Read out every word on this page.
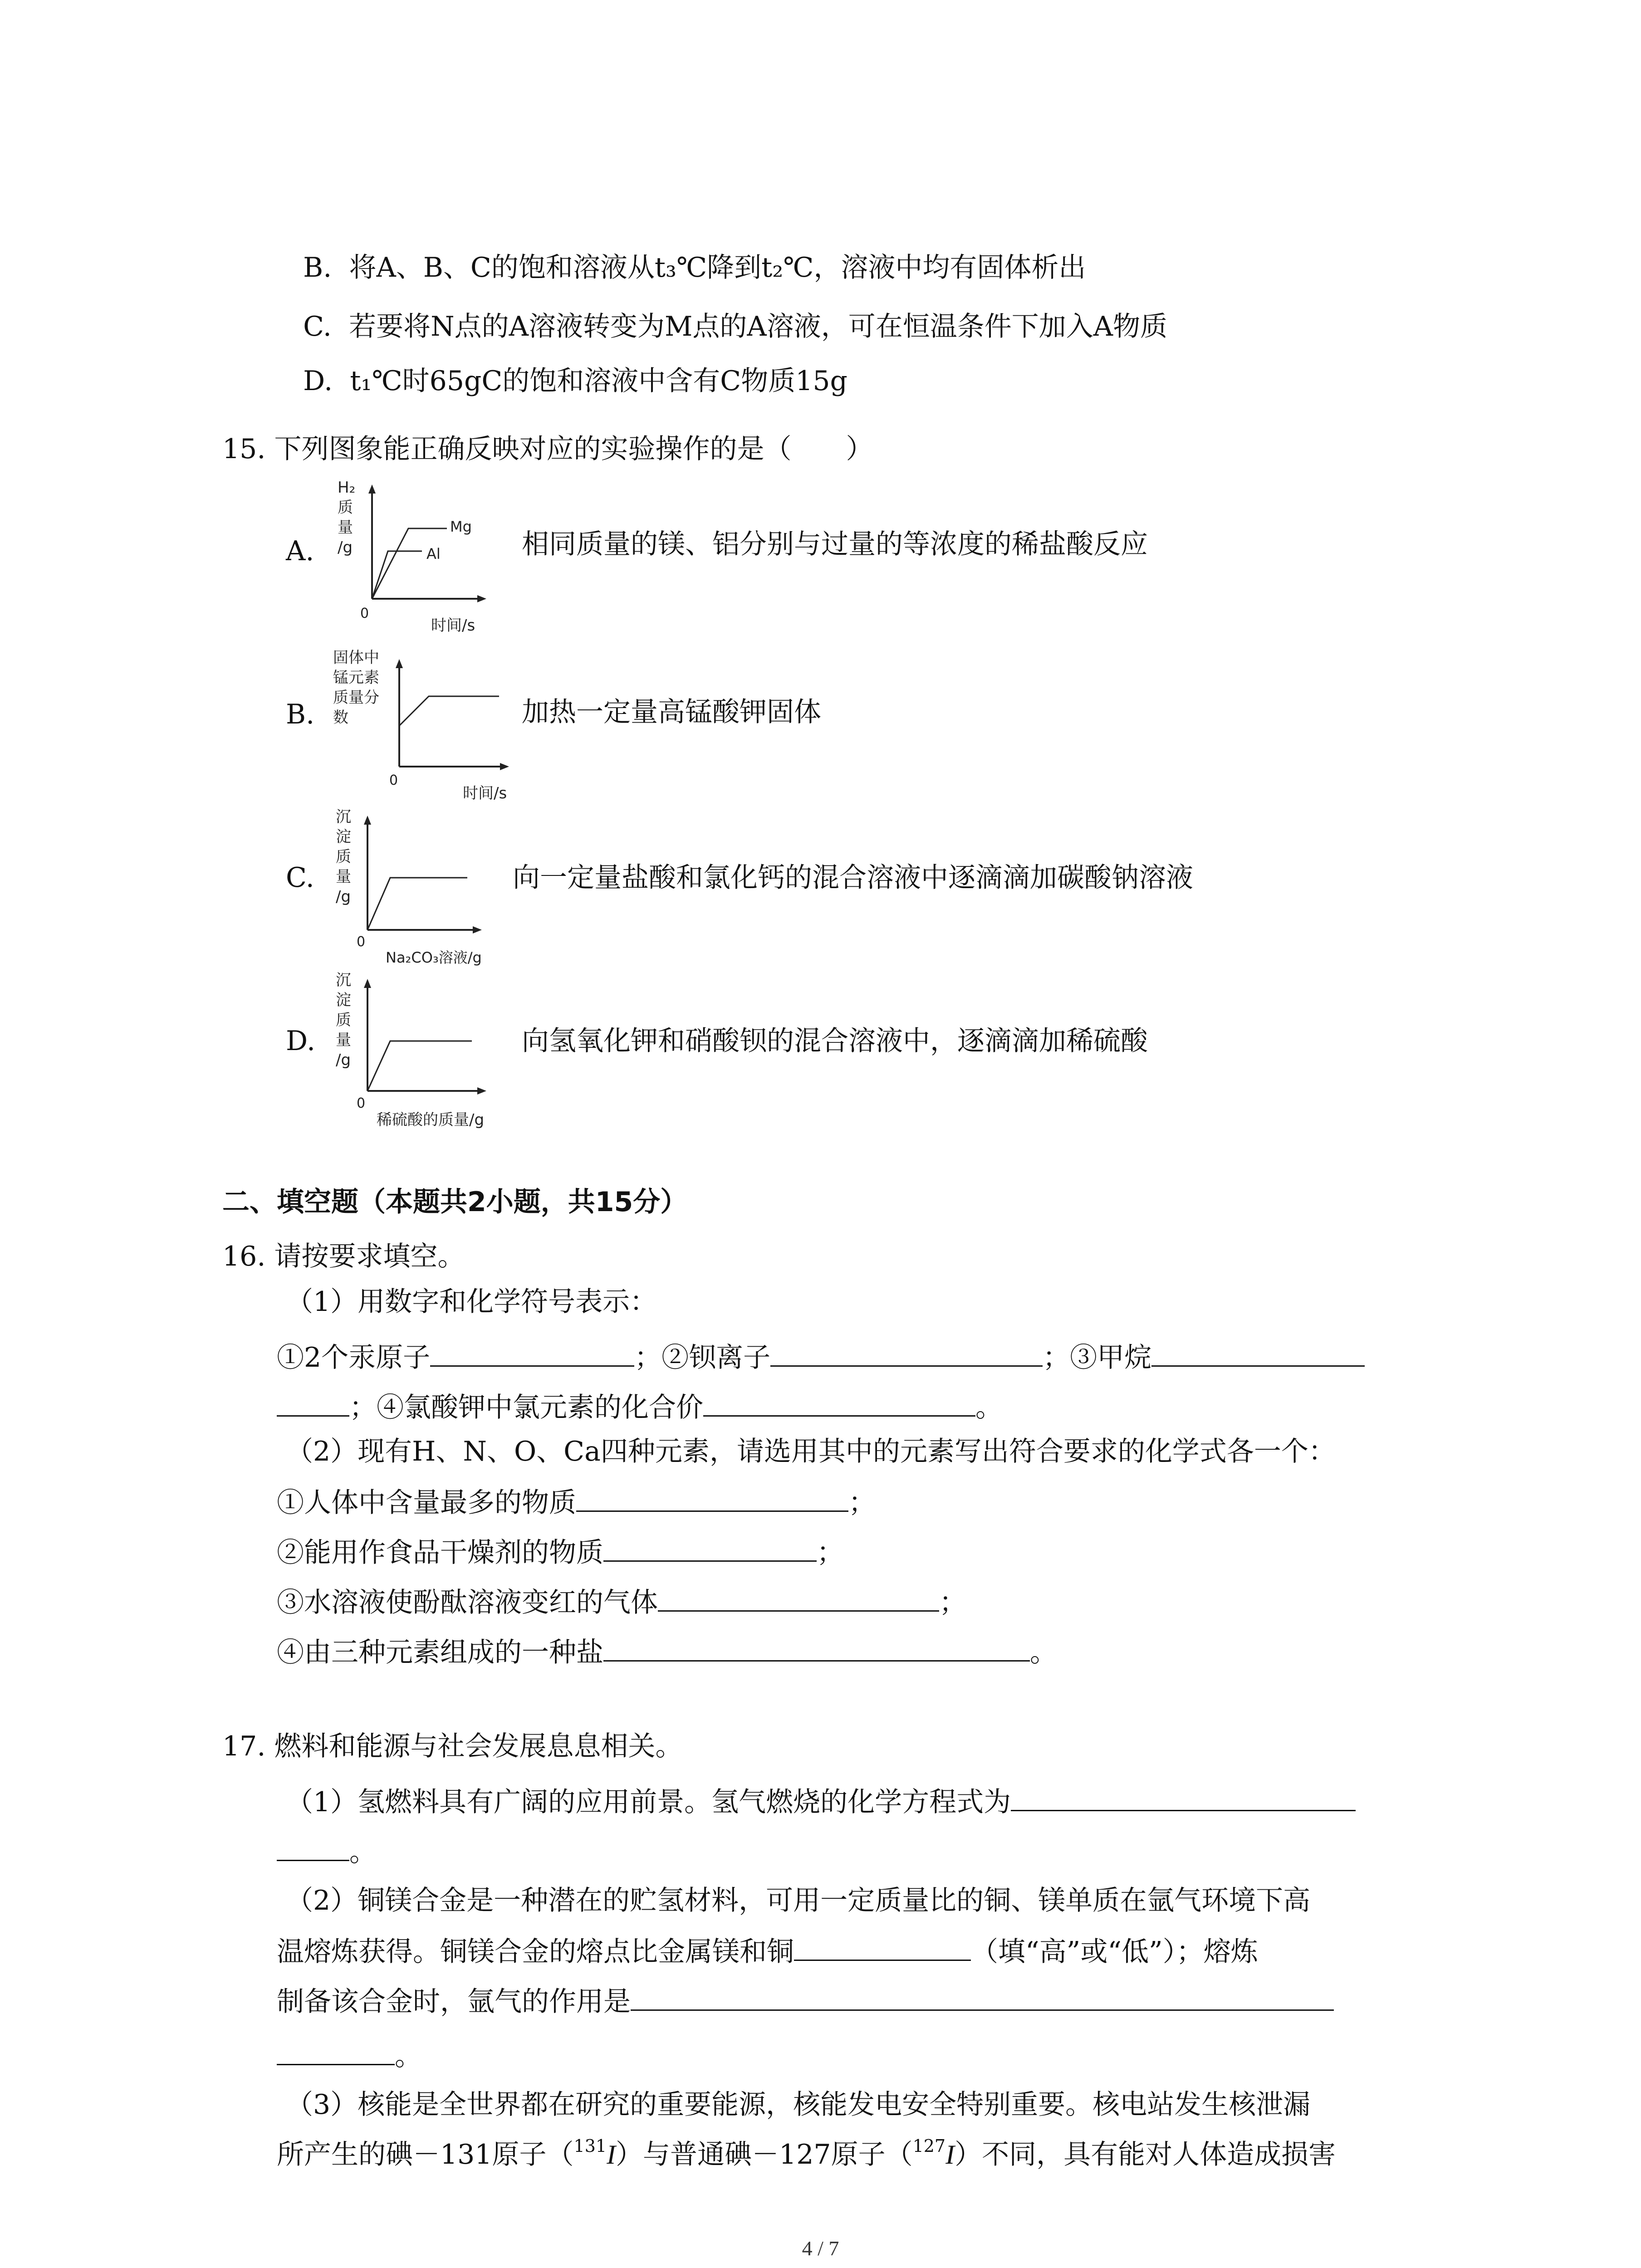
B. 将A、B、C的饱和溶液从t₃℃降到t₂℃，溶液中均有固体析出

C. 若要将N点的A溶液转变为M点的A溶液，可在恒温条件下加入A物质

D. t₁℃时65gC的饱和溶液中含有C物质15g

15. 下列图象能正确反映对应的实验操作的是（　　）
A.
H₂
质
量
/g
Mg
Al
0
时间/s
相同质量的镁、铝分别与过量的等浓度的稀盐酸反应
B.
固体中
锰元素
质量分
数
0
时间/s
加热一定量高锰酸钾固体
C.
沉
淀
质
量
/g
0
Na₂CO₃溶液/g
向一定量盐酸和氯化钙的混合溶液中逐滴滴加碳酸钠溶液
D.
沉
淀
质
量
/g
0
稀硫酸的质量/g
向氢氧化钾和硝酸钡的混合溶液中，逐滴滴加稀硫酸
二、填空题（本题共2小题，共15分）
16. 请按要求填空。
（1）用数字和化学符号表示：
①2个汞原子	；②钡离子	；③甲烷
；④氯酸钾中氯元素的化合价	。
（2）现有H、N、O、Ca四种元素，请选用其中的元素写出符合要求的化学式各一个：
①人体中含量最多的物质	；
②能用作食品干燥剂的物质	；
③水溶液使酚酞溶液变红的气体	；
④由三种元素组成的一种盐	。
17. 燃料和能源与社会发展息息相关。
（1）氢燃料具有广阔的应用前景。氢气燃烧的化学方程式为
。
（2）铜镁合金是一种潜在的贮氢材料，可用一定质量比的铜、镁单质在氩气环境下高
温熔炼获得。铜镁合金的熔点比金属镁和铜	（填“高”或“低”）；熔炼
制备该合金时，氩气的作用是
。
（3）核能是全世界都在研究的重要能源，核能发电安全特别重要。核电站发生核泄漏
所产生的碘－131原子（$^{131}$I）与普通碘－127原子（$^{127}$I）不同，具有能对人体造成损害
4 / 7
